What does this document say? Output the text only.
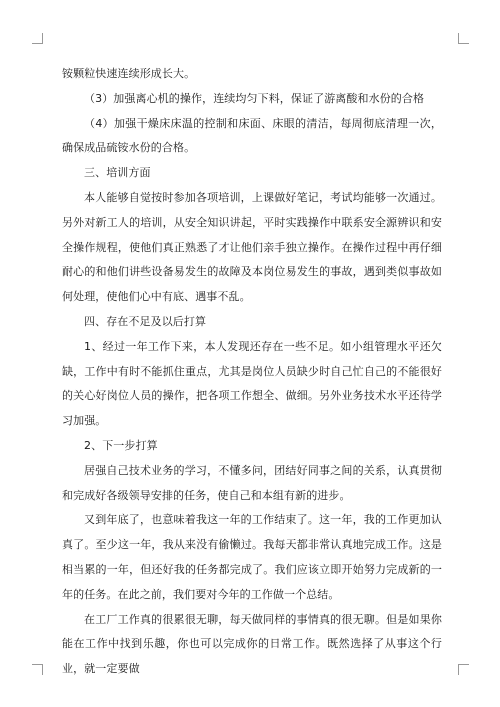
铵颗粒快速连续形成长大。

（3）加强离心机的操作，连续均匀下料，保证了游离酸和水份的合格

（4）加强干燥床床温的控制和床面、床眼的清洁，每周彻底清理一次，确保成品硫铵水份的合格。

三、培训方面

本人能够自觉按时参加各项培训，上课做好笔记，考试均能够一次通过。另外对新工人的培训，从安全知识讲起，平时实践操作中联系安全源辨识和安全操作规程，使他们真正熟悉了才让他们亲手独立操作。在操作过程中再仔细耐心的和他们讲些设备易发生的故障及本岗位易发生的事故，遇到类似事故如何处理，使他们心中有底、遇事不乱。

四、存在不足及以后打算

1、经过一年工作下来，本人发现还存在一些不足。如小组管理水平还欠缺，工作中有时不能抓住重点，尤其是岗位人员缺少时自己忙自己的不能很好的关心好岗位人员的操作，把各项工作想全、做细。另外业务技术水平还待学习加强。

2、下一步打算

居强自己技术业务的学习，不懂多问，团结好同事之间的关系，认真贯彻和完成好各级领导安排的任务，使自己和本组有新的进步。

又到年底了，也意味着我这一年的工作结束了。这一年，我的工作更加认真了。至少这一年，我从来没有偷懒过。我每天都非常认真地完成工作。这是相当累的一年，但还好我的任务都完成了。我们应该立即开始努力完成新的一年的任务。在此之前，我们要对今年的工作做一个总结。

在工厂工作真的很累很无聊，每天做同样的事情真的很无聊。但是如果你能在工作中找到乐趣，你也可以完成你的日常工作。既然选择了从事这个行业，就一定要做
